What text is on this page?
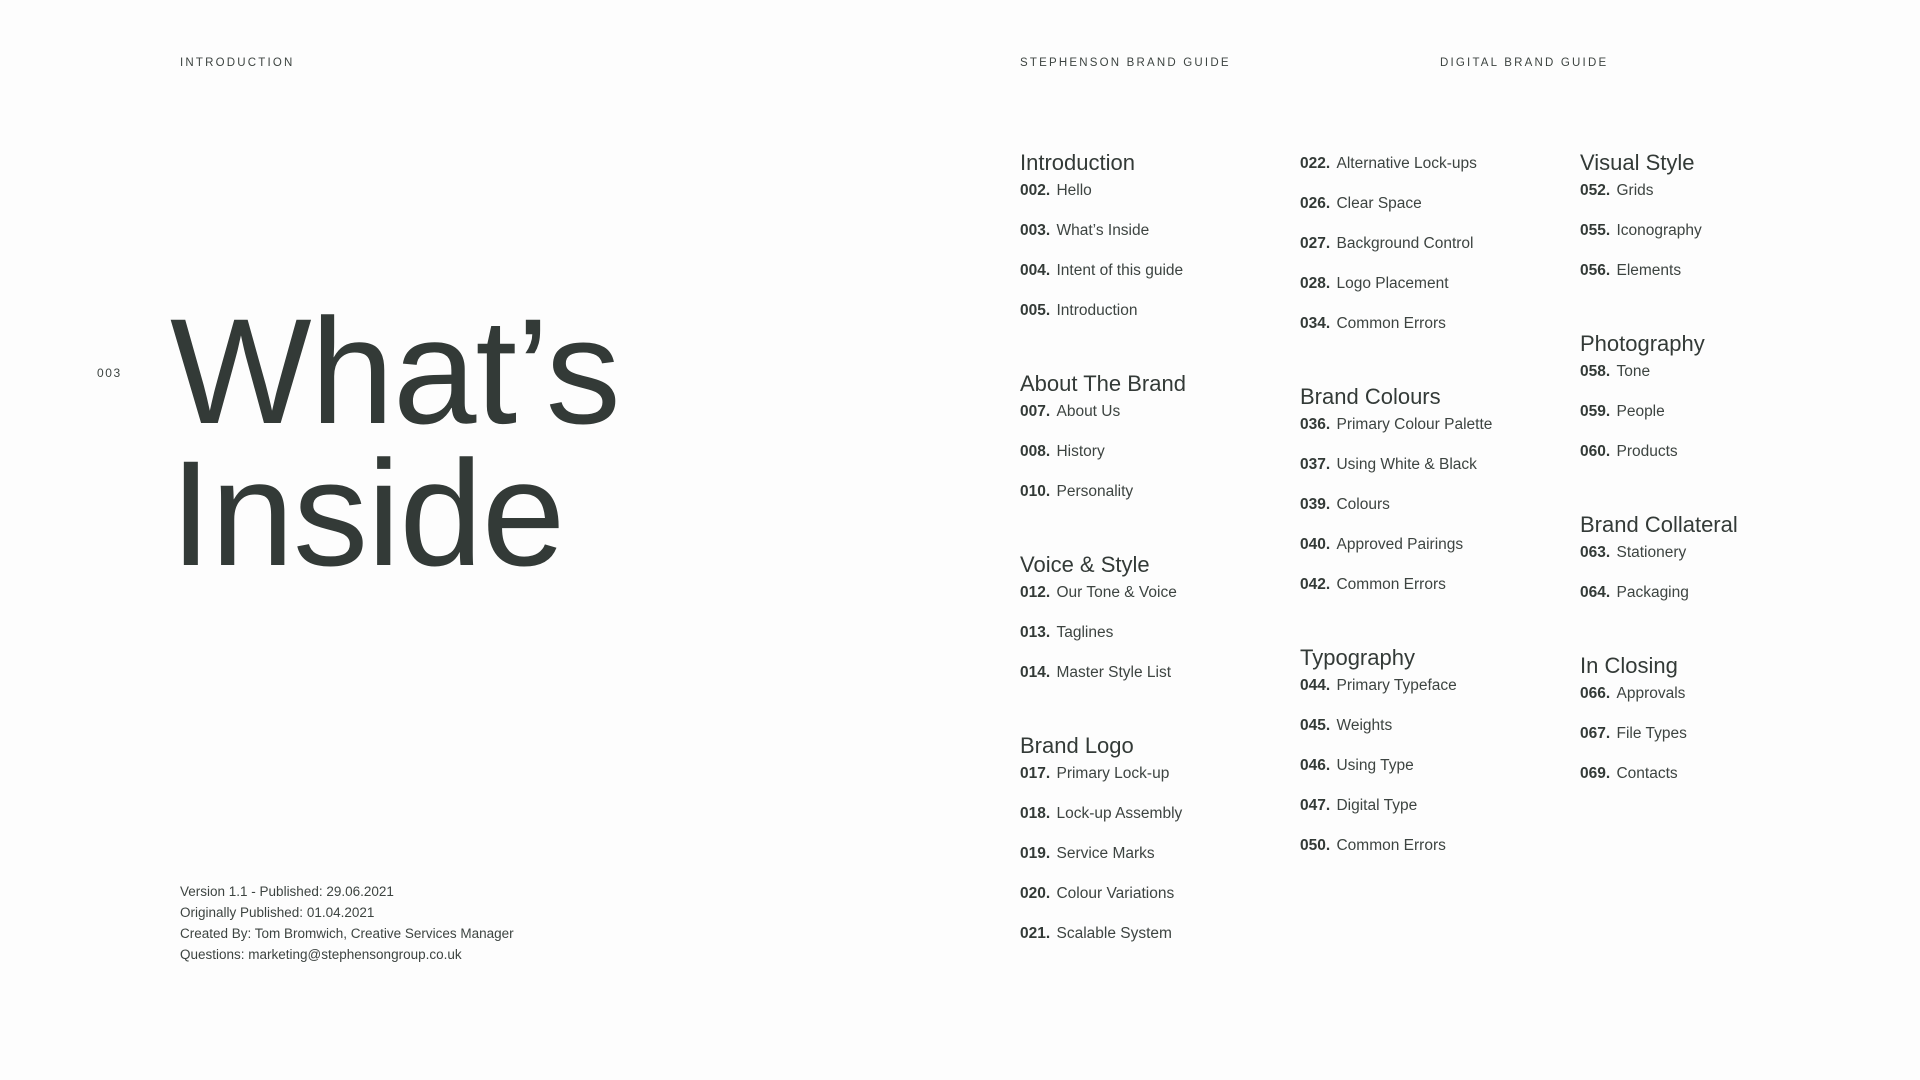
INTRODUCTION	STEPHENSON BRAND GUIDE	DIGITAL BRAND GUIDE
003 What’s
Inside
Version 1.1 - Published: 29.06.2021
Originally Published: 01.04.2021
Created By: Tom Bromwich, Creative Services Manager
Questions: marketing@stephensongroup.co.uk
Introduction
002. Hello
003. What’s Inside
004. Intent of this guide
005. Introduction
About The Brand
007. About Us
008. History
010. Personality
Voice & Style
012. Our Tone & Voice
013. Taglines
014. Master Style List
Brand Logo
017. Primary Lock-up
018. Lock-up Assembly
019. Service Marks
020. Colour Variations
021. Scalable System
022. Alternative Lock-ups
026. Clear Space
027. Background Control
028. Logo Placement
034. Common Errors
Brand Colours
036. Primary Colour Palette
037. Using White & Black
039. Colours
040. Approved Pairings
042. Common Errors
Typography
044. Primary Typeface
045. Weights
046. Using Type
047. Digital Type
050. Common Errors
Visual Style
052. Grids
055. Iconography
056. Elements
Photography
058. Tone
059. People
060. Products
Brand Collateral
063. Stationery
064. Packaging
In Closing
066. Approvals
067. File Types
069. Contacts
